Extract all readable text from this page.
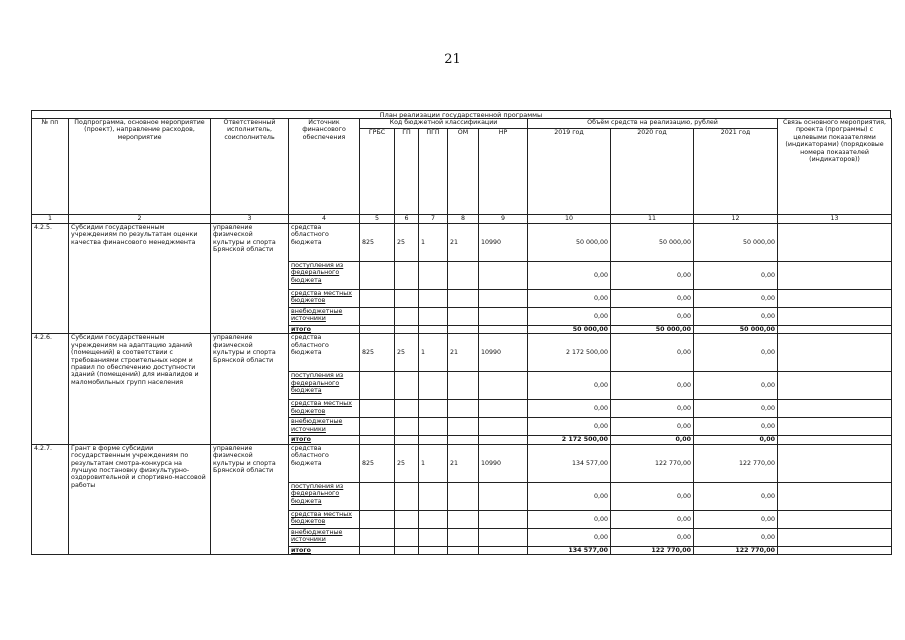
21
План реализации государственной программы
№ пп	Подпрограмма, основное мероприятие (проект), направление расходов, мероприятие	Ответственный исполнитель, соисполнитель	Источник финансового обеспечения	Код бюджетной классификации					Объём средств на реализацию, рублей			Связь основного мероприятия, проекта (программы) с целевыми показателями (индикаторами) (порядковые номера показателей (индикаторов))
				ГРБС	ГП	ПГП	ОМ	НР	2019 год	2020 год	2021 год	
1	2	3	4	5	6	7	8	9	10	11	12	13
4.2.5.	Субсидии государственным учреждениям по результатам оценки качества финансового менеджмента	управление физической культуры и спорта Брянской области	средства областного бюджета	825	25	1	21	10990	50 000,00	50 000,00	50 000,00	
			поступления из федерального бюджета						0,00	0,00	0,00	
			средства местных бюджетов						0,00	0,00	0,00	
			внебюджетные источники						0,00	0,00	0,00	
			итого						50 000,00	50 000,00	50 000,00	
4.2.6.	Субсидии государственным учреждениям на адаптацию зданий (помещений) в соответствии с требованиями строительных норм и правил по обеспечению доступности зданий (помещений) для инвалидов и маломобильных групп населения	управление физической культуры и спорта Брянской области	средства областного бюджета	825	25	1	21	10990	2 172 500,00	0,00	0,00	
			поступления из федерального бюджета						0,00	0,00	0,00	
			средства местных бюджетов						0,00	0,00	0,00	
			внебюджетные источники						0,00	0,00	0,00	
			итого						2 172 500,00	0,00	0,00	
4.2.7.	Грант в форме субсидии государственным учреждениям по результатам смотра-конкурса на лучшую постановку физкультурно-оздоровительной и спортивно-массовой работы	управление физической культуры и спорта Брянской области	средства областного бюджета	825	25	1	21	10990	134 577,00	122 770,00	122 770,00	
			поступления из федерального бюджета						0,00	0,00	0,00	
			средства местных бюджетов						0,00	0,00	0,00	
			внебюджетные источники						0,00	0,00	0,00	
			итого						134 577,00	122 770,00	122 770,00	
